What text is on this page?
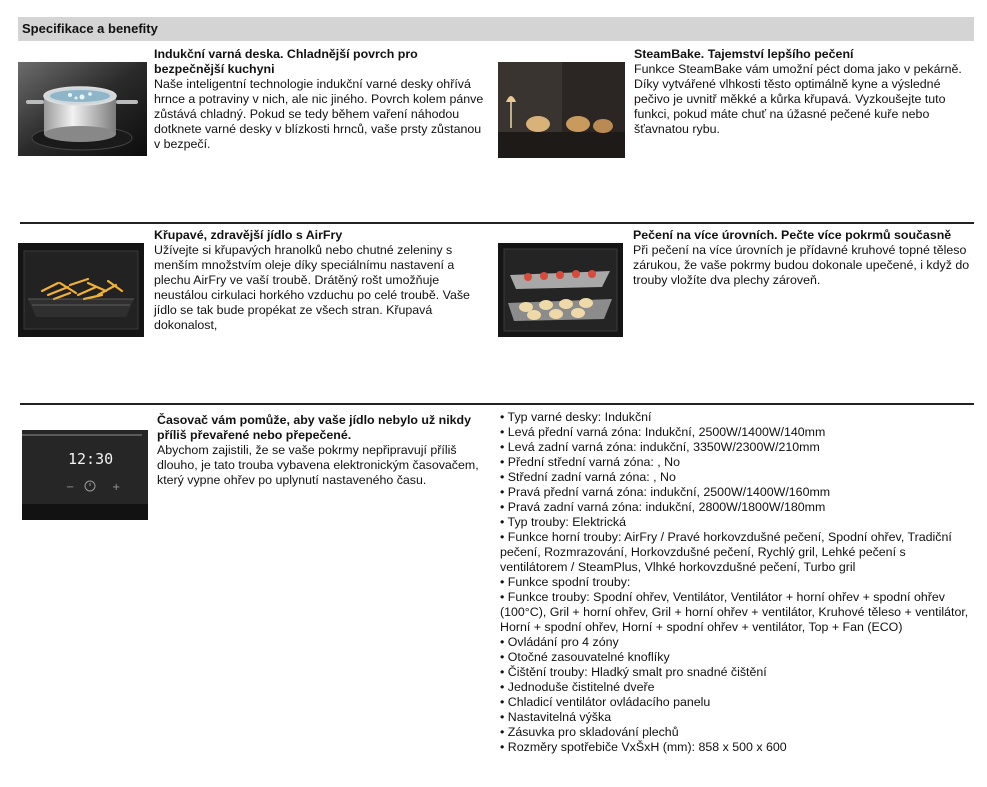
Specifikace a benefity
Indukční varná deska. Chladnější povrch pro bezpečnější kuchyni
Naše inteligentní technologie indukční varné desky ohřívá hrnce a potraviny v nich, ale nic jiného. Povrch kolem pánve zůstává chladný. Pokud se tedy během vaření náhodou dotknete varné desky v blízkosti hrnců, vaše prsty zůstanou v bezpečí.
SteamBake. Tajemství lepšího pečení
Funkce SteamBake vám umožní péct doma jako v pekárně. Díky vytvářené vlhkosti těsto optimálně kyne a výsledné pečivo je uvnitř měkké a kůrka křupavá. Vyzkoušejte tuto funkci, pokud máte chuť na úžasné pečené kuře nebo šťavnatou rybu.
Křupavé, zdravější jídlo s AirFry
Užívejte si křupavých hranolků nebo chutné zeleniny s menším množstvím oleje díky speciálnímu nastavení a plechu AirFry ve vaší troubě. Drátěný rošt umožňuje neustálou cirkulaci horkého vzduchu po celé troubě. Vaše jídlo se tak bude propékat ze všech stran. Křupavá dokonalost,
Pečení na více úrovních. Pečte více pokrmů současně
Při pečení na více úrovních je přídavné kruhové topné těleso zárukou, že vaše pokrmy budou dokonale upečené, i když do trouby vložíte dva plechy zároveň.
12:30
−	+
Časovač vám pomůže, aby vaše jídlo nebylo už nikdy příliš převařené nebo přepečené.
Abychom zajistili, že se vaše pokrmy nepřipravují příliš dlouho, je tato trouba vybavena elektronickým časovačem, který vypne ohřev po uplynutí nastaveného času.
• Typ varné desky: Indukční
• Levá přední varná zóna: Indukční, 2500W/1400W/140mm
• Levá zadní varná zóna: indukční, 3350W/2300W/210mm
• Přední střední varná zóna: , No
• Střední zadní varná zóna: , No
• Pravá přední varná zóna: indukční, 2500W/1400W/160mm
• Pravá zadní varná zóna: indukční, 2800W/1800W/180mm
• Typ trouby: Elektrická
• Funkce horní trouby: AirFry / Pravé horkovzdušné pečení, Spodní ohřev, Tradiční pečení, Rozmrazování, Horkovzdušné pečení, Rychlý gril, Lehké pečení s ventilátorem / SteamPlus, Vlhké horkovzdušné pečení, Turbo gril
• Funkce spodní trouby:
• Funkce trouby: Spodní ohřev, Ventilátor, Ventilátor + horní ohřev + spodní ohřev (100°C), Gril + horní ohřev, Gril + horní ohřev + ventilátor, Kruhové těleso + ventilátor, Horní + spodní ohřev, Horní + spodní ohřev + ventilátor, Top + Fan (ECO)
• Ovládání pro 4 zóny
• Otočné zasouvatelné knoflíky
• Čištění trouby: Hladký smalt pro snadné čištění
• Jednoduše čistitelné dveře
• Chladicí ventilátor ovládacího panelu
• Nastavitelná výška
• Zásuvka pro skladování plechů
• Rozměry spotřebiče VxŠxH (mm): 858 x 500 x 600
